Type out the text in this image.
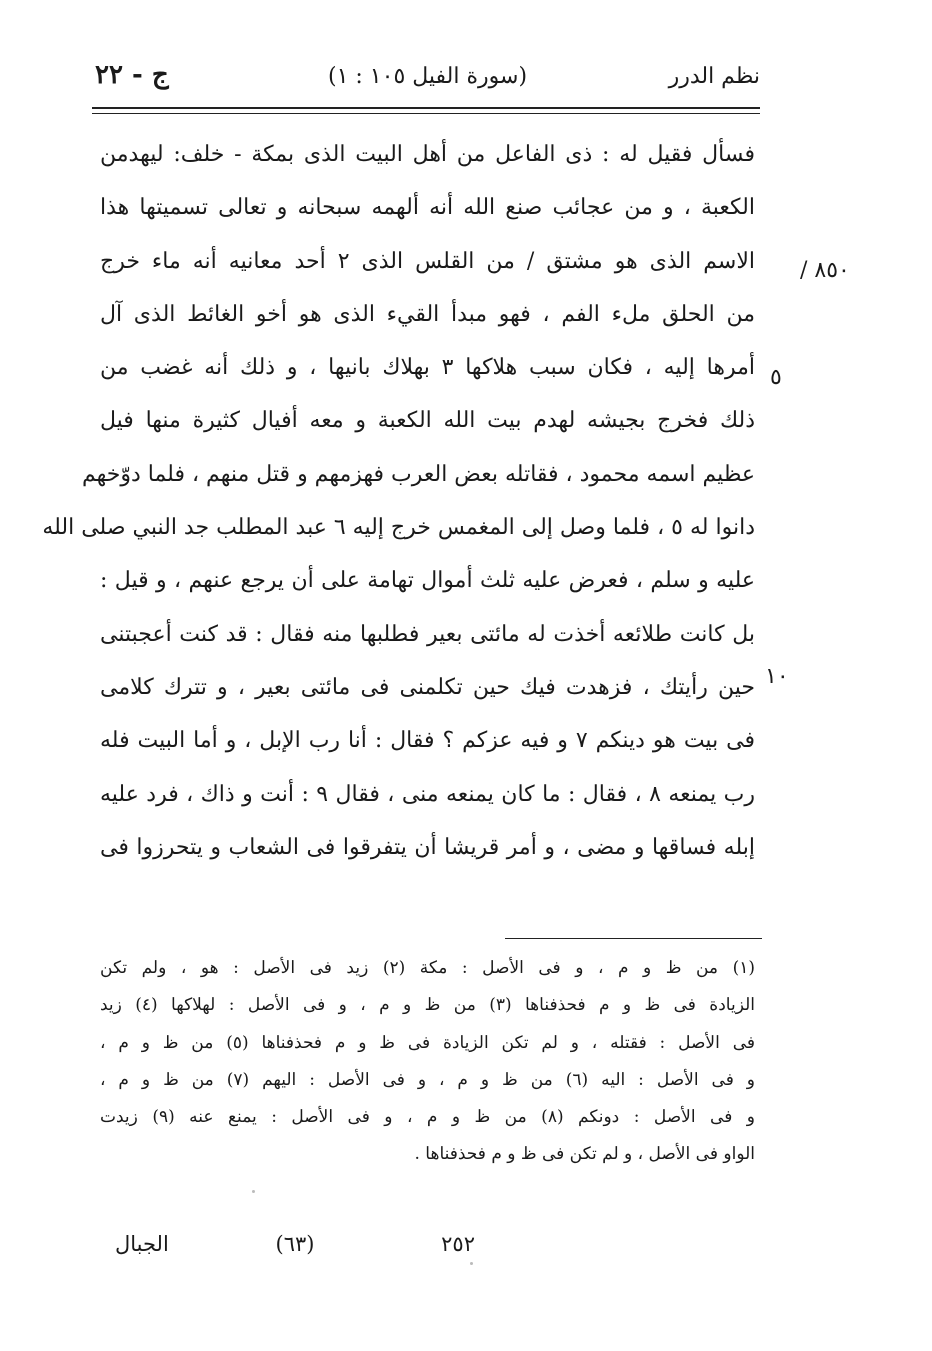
نظم الدرر
(سورة الفيل ١٠٥ : ١)
ج - ٢٢
٨٥٠ /
٥
١٠
فسأل فقيل له : ذى الفاعل من أهل البيت الذى بمكة - خلف: ليهدمن
الكعبة ، و من عجائب صنع الله أنه ألهمه سبحانه و تعالى تسميتها هذا
الاسم الذى هو مشتق / من القلس الذى ٢ أحد معانيه أنه ماء خرج
من الحلق ملء الفم ، فهو مبدأ القيء الذى هو أخو الغائط الذى آل
أمرها إليه ، فكان سبب هلاكها ٣ بهلاك بانيها ، و ذلك أنه غضب من
ذلك فخرج بجيشه لهدم بيت الله الكعبة و معه أفيال كثيرة منها فيل
عظيم اسمه محمود ، فقاتله بعض العرب فهزمهم و قتل منهم ، فلما دوّخهم
دانوا له ٥ ، فلما وصل إلى المغمس خرج إليه ٦ عبد المطلب جد النبي صلى الله
عليه و سلم ، فعرض عليه ثلث أموال تهامة على أن يرجع عنهم ، و قيل :
بل كانت طلائعه أخذت له مائتى بعير فطلبها منه فقال : قد كنت أعجبتنى
حين رأيتك ، فزهدت فيك حين تكلمنى فى مائتى بعير ، و تترك كلامى
فى بيت هو دينكم ٧ و فيه عزكم ؟ فقال : أنا رب الإبل ، و أما البيت فله
رب يمنعه ٨ ، فقال : ما كان يمنعه منى ، فقال ٩ : أنت و ذاك ، فرد عليه
إبله فساقها و مضى ، و أمر قريشا أن يتفرقوا فى الشعاب و يتحرزوا فى
(١) من ظ و م ، و فى الأصل : مكة (٢) زيد فى الأصل : هو ، ولم تكن
الزيادة فى ظ و م فحذفناها (٣) من ظ و م ، و فى الأصل : لهلاكها (٤) زيد
فى الأصل : فقتله ، و لم تكن الزيادة فى ظ و م فحذفناها (٥) من ظ و م ،
و فى الأصل : اليه (٦) من ظ و م ، و فى الأصل : اليهم (٧) من ظ و م ،
و فى الأصل : دونكم (٨) من ظ و م ، و فى الأصل : يمنع عنه (٩) زيدت
الواو فى الأصل ، و لم تكن فى ظ و م فحذفناها .
٢٥٢
(٦٣)
الجبال
